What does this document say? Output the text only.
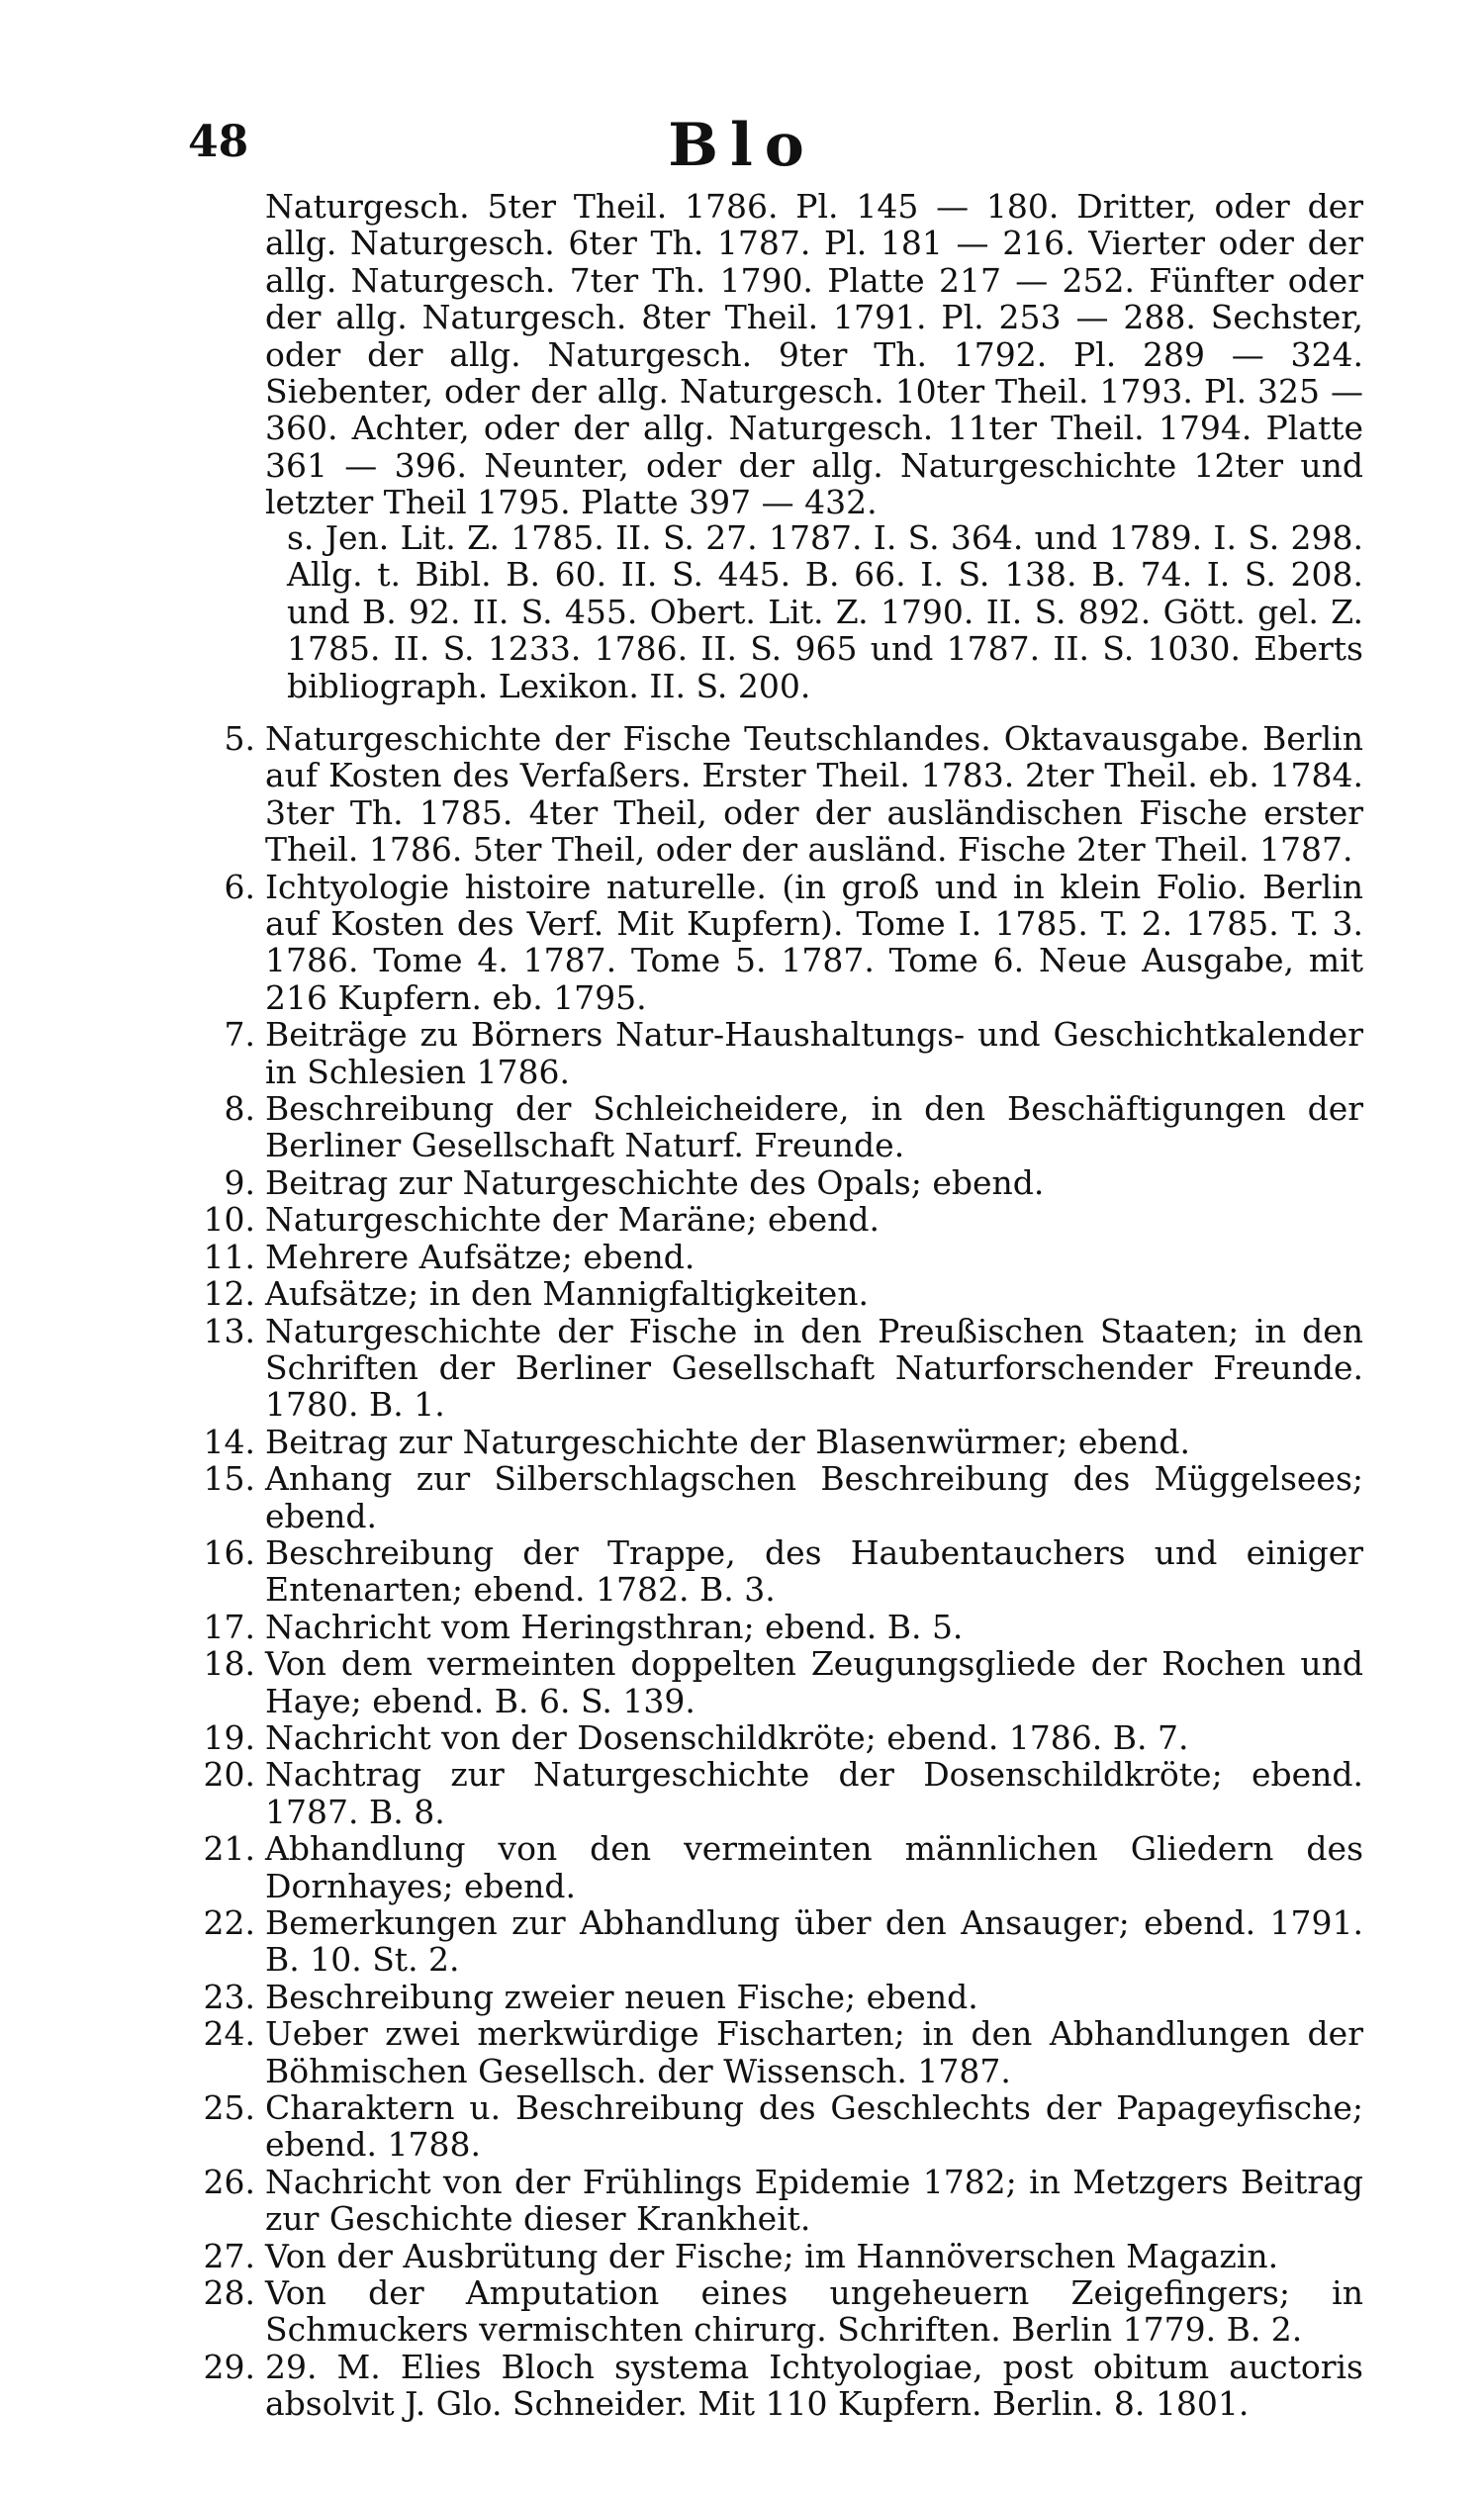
48	Blo
Naturgesch. 5ter Theil. 1786. Pl. 145 — 180. Dritter, oder der allg. Naturgesch. 6ter Th. 1787. Pl. 181 — 216. Vierter oder der allg. Naturgesch. 7ter Th. 1790. Platte 217 — 252. Fünfter oder der allg. Naturgesch. 8ter Theil. 1791. Pl. 253 — 288. Sechster, oder der allg. Naturgesch. 9ter Th. 1792. Pl. 289 — 324. Siebenter, oder der allg. Naturgesch. 10ter Theil. 1793. Pl. 325 — 360. Achter, oder der allg. Naturgesch. 11ter Theil. 1794. Platte 361 — 396. Neunter, oder der allg. Naturgeschichte 12ter und letzter Theil 1795. Platte 397 — 432.
s. Jen. Lit. Z. 1785. II. S. 27. 1787. I. S. 364. und 1789. I. S. 298. Allg. t. Bibl. B. 60. II. S. 445. B. 66. I. S. 138. B. 74. I. S. 208. und B. 92. II. S. 455. Obert. Lit. Z. 1790. II. S. 892. Gött. gel. Z. 1785. II. S. 1233. 1786. II. S. 965 und 1787. II. S. 1030. Eberts bibliograph. Lexikon. II. S. 200.
5. Naturgeschichte der Fische Teutschlandes. Oktavausgabe. Berlin auf Kosten des Verfaßers. Erster Theil. 1783. 2ter Theil. eb. 1784. 3ter Th. 1785. 4ter Theil, oder der ausländischen Fische erster Theil. 1786. 5ter Theil, oder der ausländ. Fische 2ter Theil. 1787.
6. Ichtyologie histoire naturelle. (in groß und in klein Folio. Berlin auf Kosten des Verf. Mit Kupfern). Tome I. 1785. T. 2. 1785. T. 3. 1786. Tome 4. 1787. Tome 5. 1787. Tome 6. Neue Ausgabe, mit 216 Kupfern. eb. 1795.
7. Beiträge zu Börners Natur-Haushaltungs- und Geschichtkalender in Schlesien 1786.
8. Beschreibung der Schleicheidere, in den Beschäftigungen der Berliner Gesellschaft Naturf. Freunde.
9. Beitrag zur Naturgeschichte des Opals; ebend.
10. Naturgeschichte der Maräne; ebend.
11. Mehrere Aufsätze; ebend.
12. Aufsätze; in den Mannigfaltigkeiten.
13. Naturgeschichte der Fische in den Preußischen Staaten; in den Schriften der Berliner Gesellschaft Naturforschender Freunde. 1780. B. 1.
14. Beitrag zur Naturgeschichte der Blasenwürmer; ebend.
15. Anhang zur Silberschlagschen Beschreibung des Müggelsees; ebend.
16. Beschreibung der Trappe, des Haubentauchers und einiger Entenarten; ebend. 1782. B. 3.
17. Nachricht vom Heringsthran; ebend. B. 5.
18. Von dem vermeinten doppelten Zeugungsgliede der Rochen und Haye; ebend. B. 6. S. 139.
19. Nachricht von der Dosenschildkröte; ebend. 1786. B. 7.
20. Nachtrag zur Naturgeschichte der Dosenschildkröte; ebend. 1787. B. 8.
21. Abhandlung von den vermeinten männlichen Gliedern des Dornhayes; ebend.
22. Bemerkungen zur Abhandlung über den Ansauger; ebend. 1791. B. 10. St. 2.
23. Beschreibung zweier neuen Fische; ebend.
24. Ueber zwei merkwürdige Fischarten; in den Abhandlungen der Böhmischen Gesellsch. der Wissensch. 1787.
25. Charaktern u. Beschreibung des Geschlechts der Papageyfische; ebend. 1788.
26. Nachricht von der Frühlings Epidemie 1782; in Metzgers Beitrag zur Geschichte dieser Krankheit.
27. Von der Ausbrütung der Fische; im Hannöverschen Magazin.
28. Von der Amputation eines ungeheuern Zeigefingers; in Schmuckers vermischten chirurg. Schriften. Berlin 1779. B. 2.
29. 29. M. Elies Bloch systema Ichtyologiae, post obitum auctoris absolvit J. Glo. Schneider. Mit 110 Kupfern. Berlin. 8. 1801.
